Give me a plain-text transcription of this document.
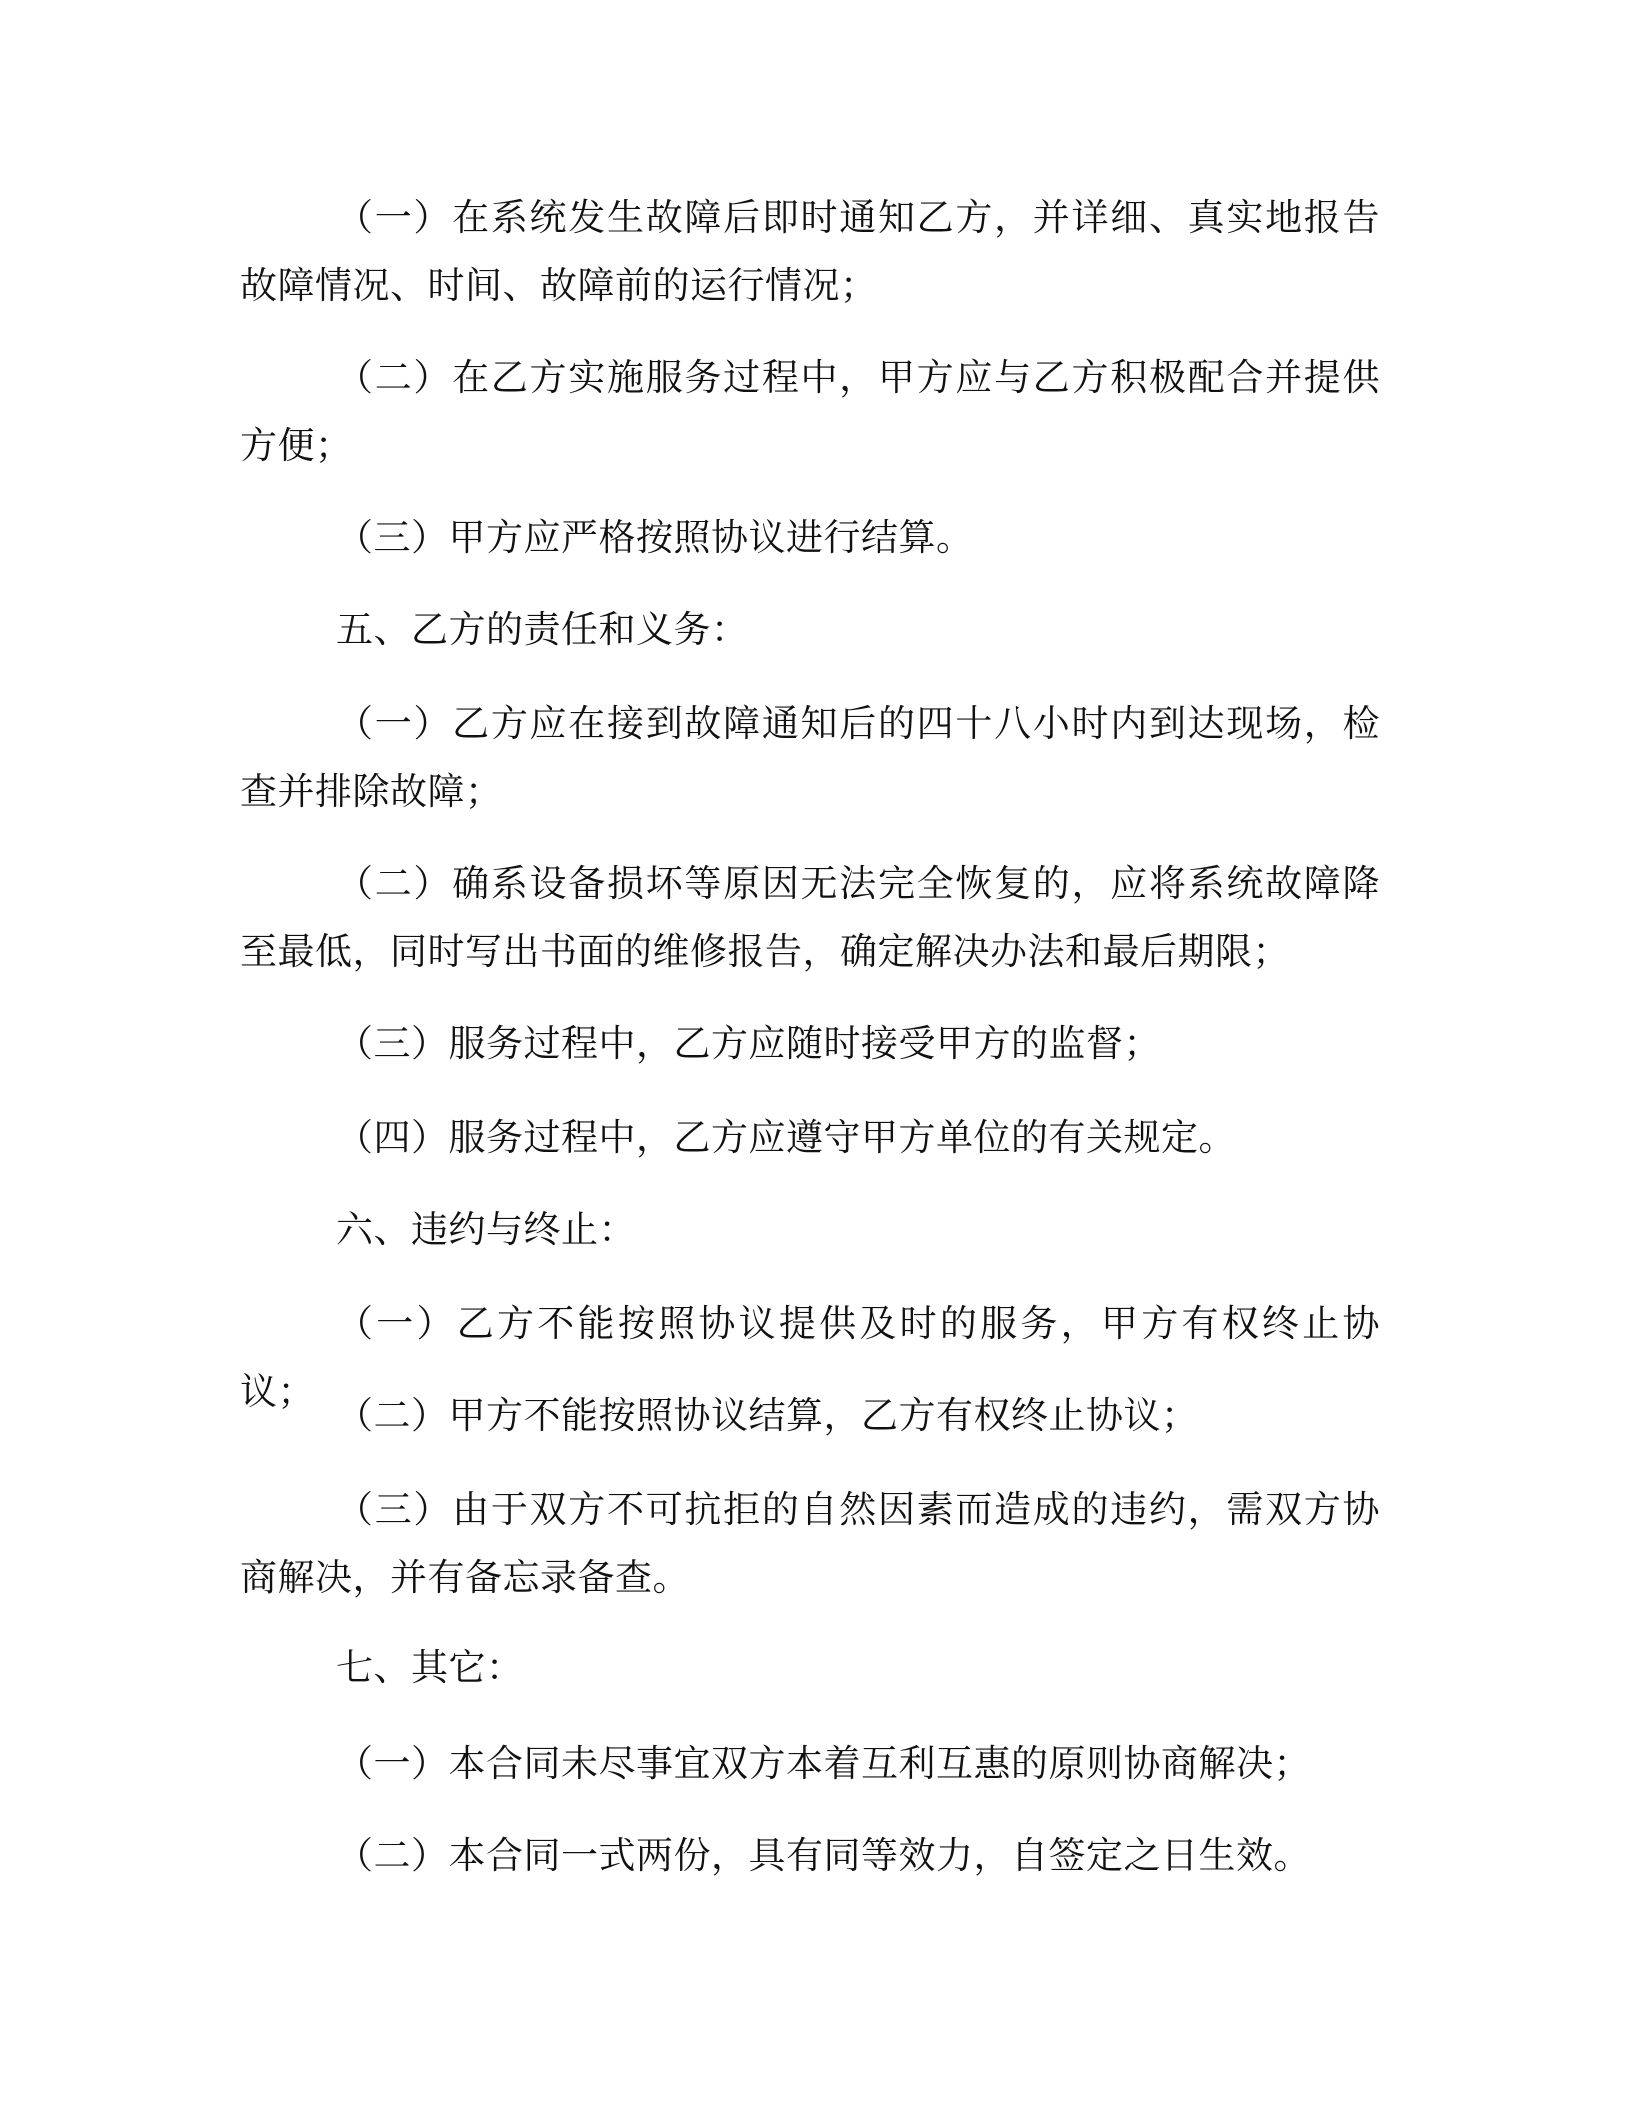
（一）在系统发生故障后即时通知乙方，并详细、真实地报告故障情况、时间、故障前的运行情况；

（二）在乙方实施服务过程中，甲方应与乙方积极配合并提供方便；

（三）甲方应严格按照协议进行结算。

五、乙方的责任和义务：

（一）乙方应在接到故障通知后的四十八小时内到达现场，检查并排除故障；

（二）确系设备损坏等原因无法完全恢复的，应将系统故障降至最低，同时写出书面的维修报告，确定解决办法和最后期限；

（三）服务过程中，乙方应随时接受甲方的监督；

（四）服务过程中，乙方应遵守甲方单位的有关规定。

六、违约与终止：

（一）乙方不能按照协议提供及时的服务，甲方有权终止协议；

（二）甲方不能按照协议结算，乙方有权终止协议；

（三）由于双方不可抗拒的自然因素而造成的违约，需双方协商解决，并有备忘录备查。

七、其它：

（一）本合同未尽事宜双方本着互利互惠的原则协商解决；

（二）本合同一式两份，具有同等效力，自签定之日生效。
